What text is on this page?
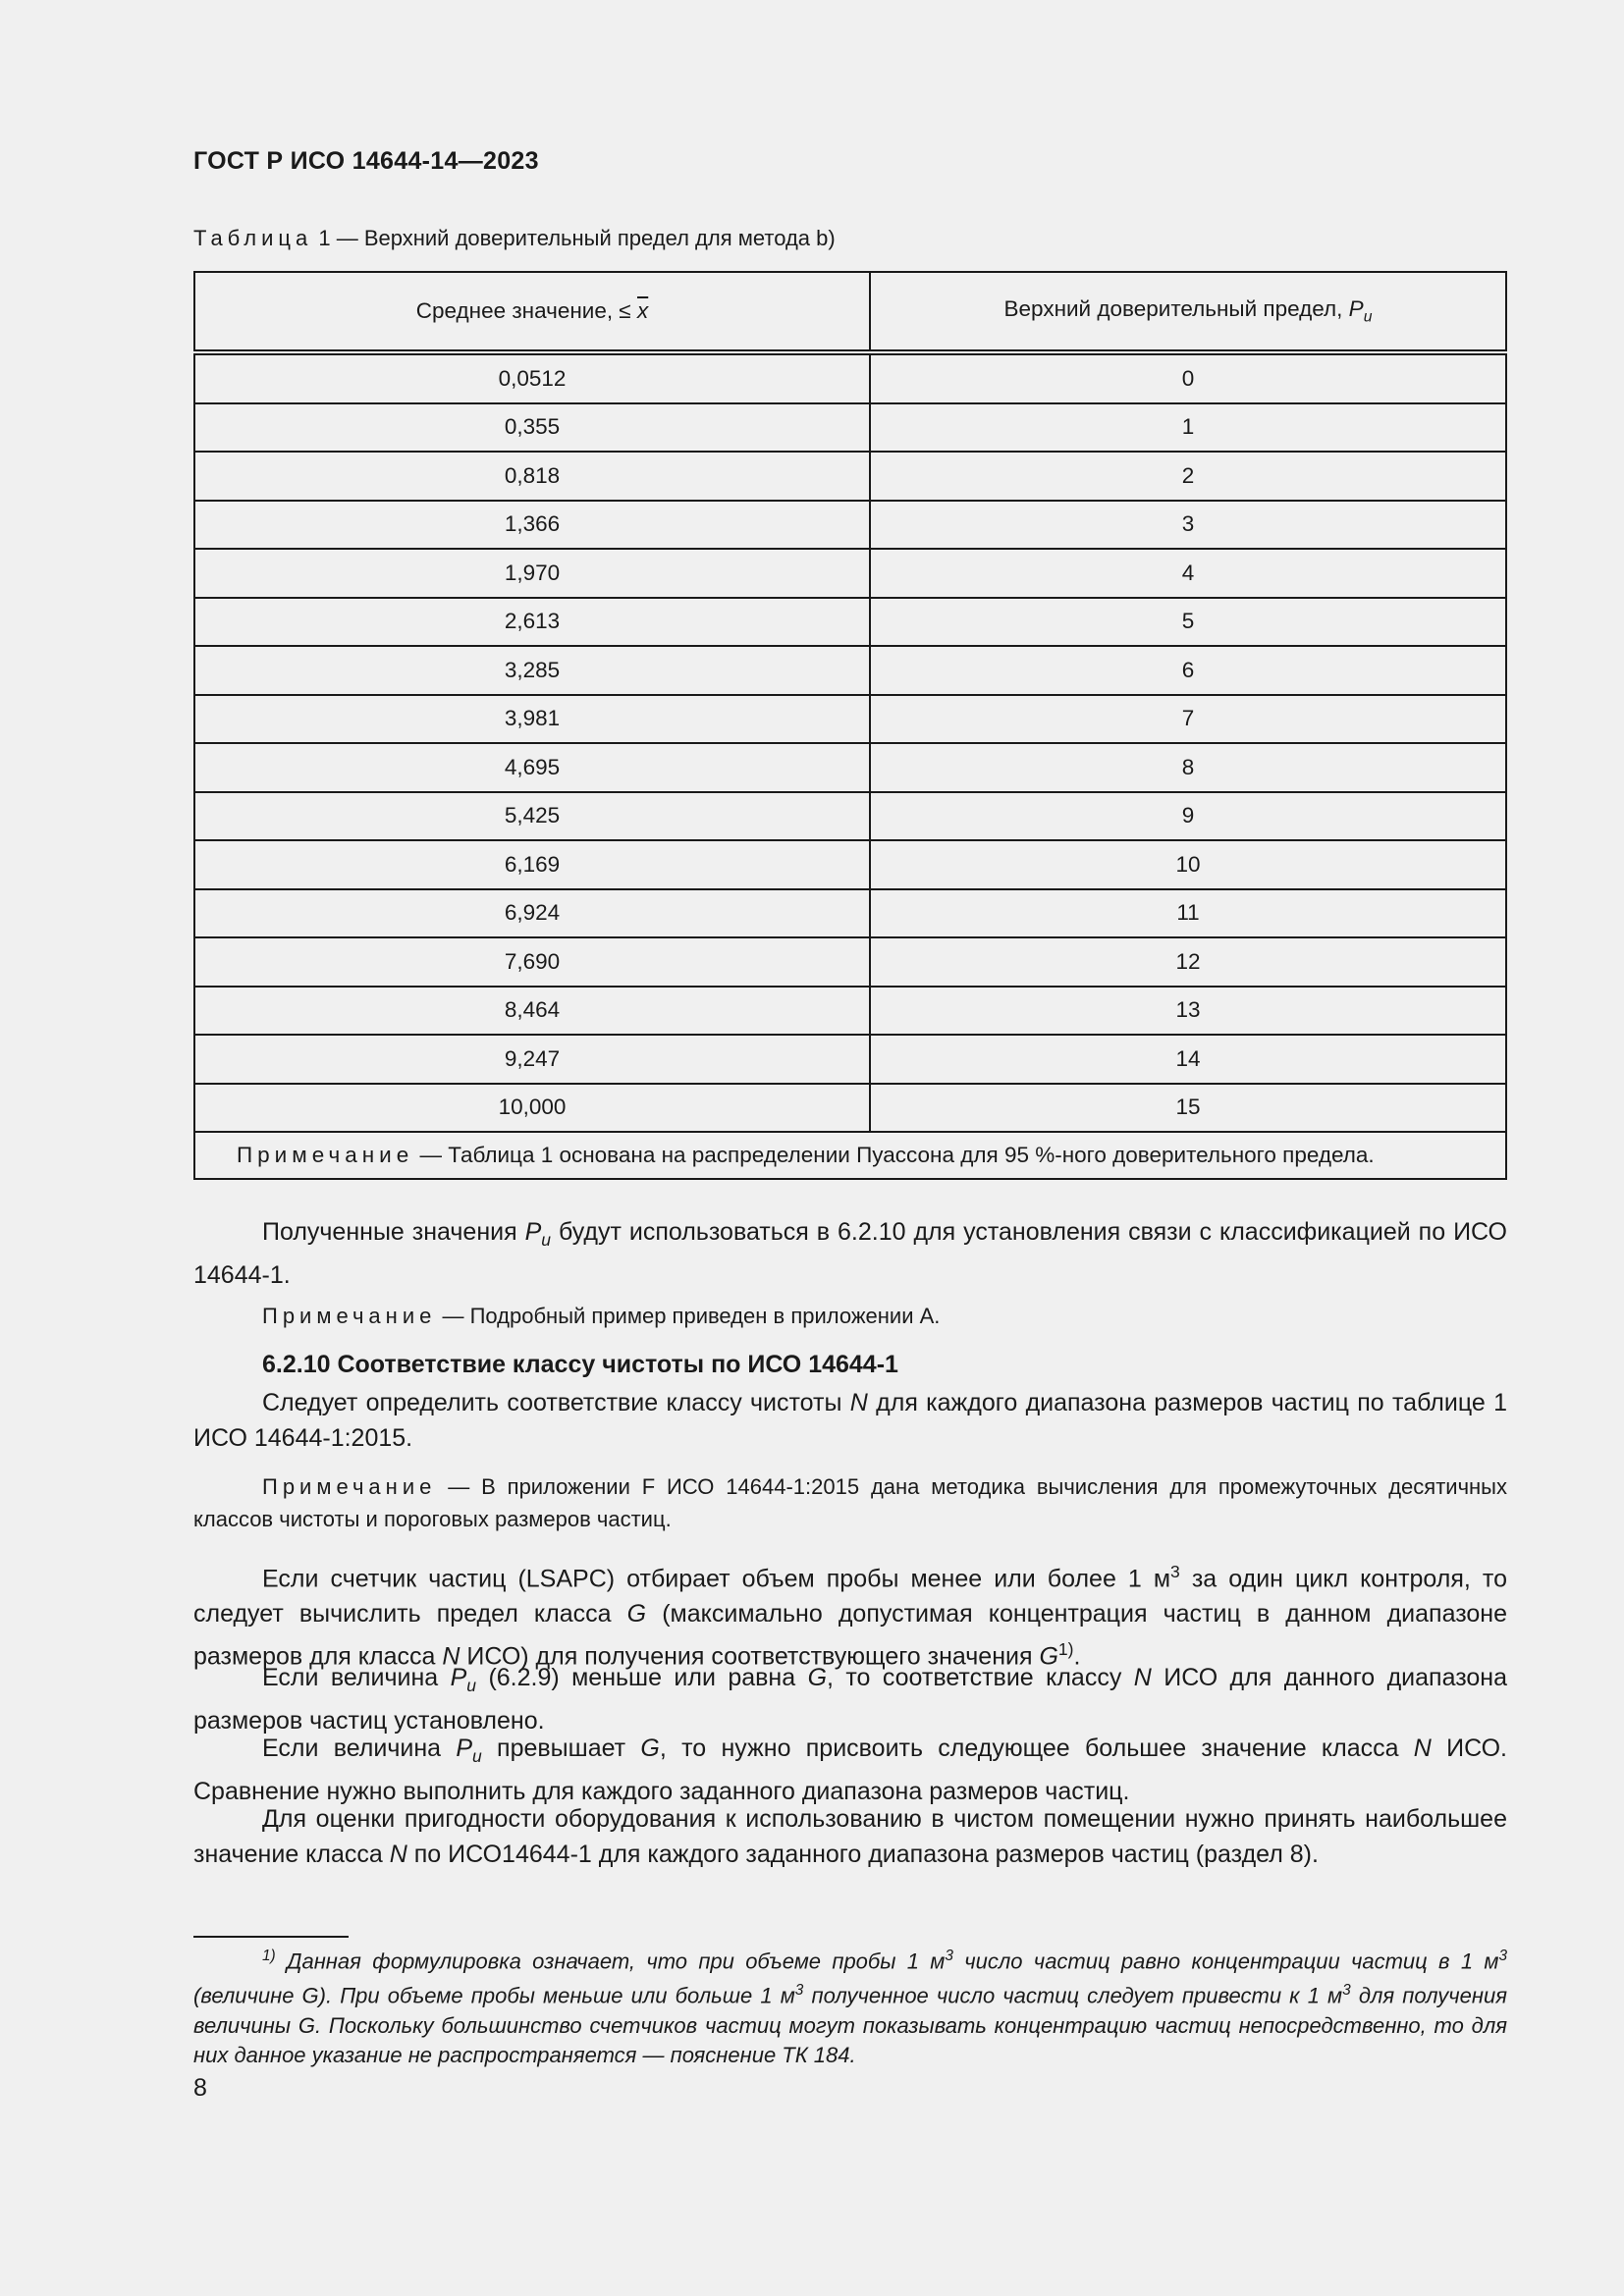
ГОСТ Р ИСО 14644-14—2023
Таблица 1 — Верхний доверительный предел для метода b)
Среднее значение, ≤ $\overline{x}$	Верхний доверительный предел, $P_u$
0,0512	0
0,355	1
0,818	2
1,366	3
1,970	4
2,613	5
3,285	6
3,981	7
4,695	8
5,425	9
6,169	10
6,924	11
7,690	12
8,464	13
9,247	14
10,000	15
Примечание — Таблица 1 основана на распределении Пуассона для 95 %-ного доверительного предела.	
Полученные значения $P_u$ будут использоваться в 6.2.10 для установления связи с классификацией по ИСО 14644-1.
Примечание — Подробный пример приведен в приложении А.
6.2.10 Соответствие классу чистоты по ИСО 14644-1
Следует определить соответствие классу чистоты N для каждого диапазона размеров частиц по таблице 1 ИСО 14644-1:2015.
Примечание — В приложении F ИСО 14644-1:2015 дана методика вычисления для промежуточных десятичных классов чистоты и пороговых размеров частиц.
Если счетчик частиц (LSAPC) отбирает объем пробы менее или более 1 $м^3$ за один цикл контроля, то следует вычислить предел класса G (максимально допустимая концентрация частиц в данном диапазоне размеров для класса N ИСО) для получения соответствующего значения $G^{1)}$.
Если величина $P_u$ (6.2.9) меньше или равна G, то соответствие классу N ИСО для данного диапазона размеров частиц установлено.
Если величина $P_u$ превышает G, то нужно присвоить следующее большее значение класса N ИСО. Сравнение нужно выполнить для каждого заданного диапазона размеров частиц.
Для оценки пригодности оборудования к использованию в чистом помещении нужно принять наибольшее значение класса N по ИСО14644-1 для каждого заданного диапазона размеров частиц (раздел 8).
$^{1)}$ Данная формулировка означает, что при объеме пробы 1 $м^3$ число частиц равно концентрации частиц в 1 $м^3$ (величине G). При объеме пробы меньше или больше 1 $м^3$ полученное число частиц следует привести к 1 $м^3$ для получения величины G. Поскольку большинство счетчиков частиц могут показывать концентрацию частиц непосредственно, то для них данное указание не распространяется — пояснение ТК 184.
8
